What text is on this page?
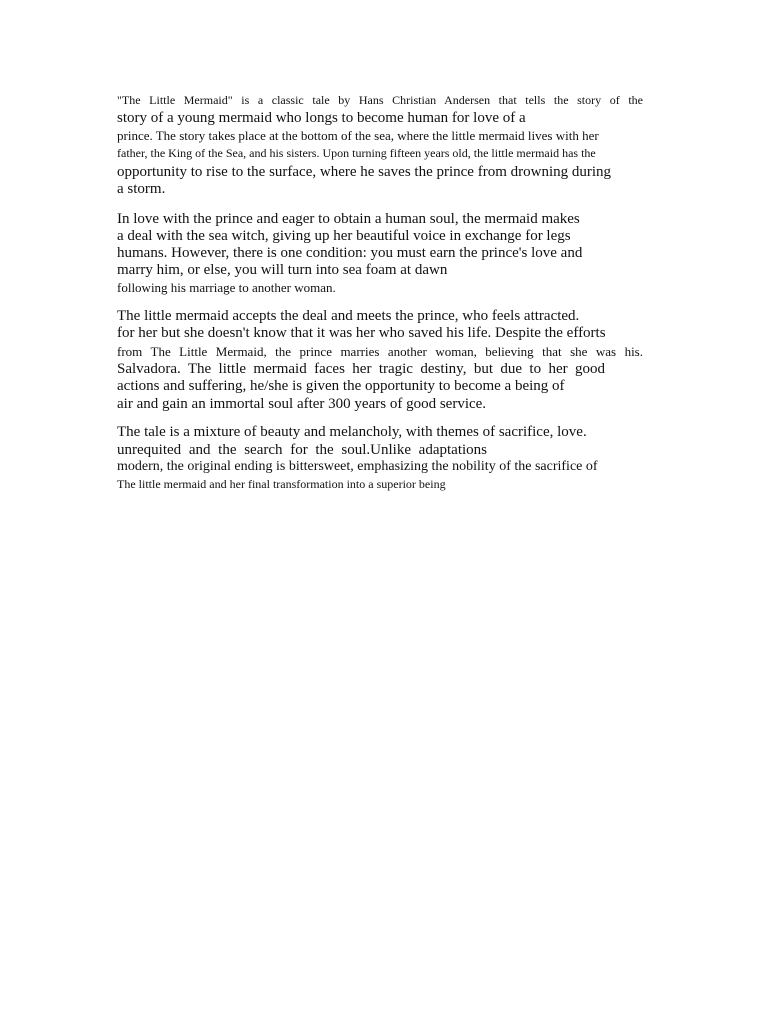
"The Little Mermaid" is a classic tale by Hans Christian Andersen that tells the story of the
story of a young mermaid who longs to become human for love of a
prince. The story takes place at the bottom of the sea, where the little mermaid lives with her
father, the King of the Sea, and his sisters. Upon turning fifteen years old, the little mermaid has the
opportunity to rise to the surface, where he saves the prince from drowning during
a storm.
In love with the prince and eager to obtain a human soul, the mermaid makes
a deal with the sea witch, giving up her beautiful voice in exchange for legs
humans. However, there is one condition: you must earn the prince's love and
marry him, or else, you will turn into sea foam at dawn
following his marriage to another woman.
The little mermaid accepts the deal and meets the prince, who feels attracted.
for her but she doesn't know that it was her who saved his life. Despite the efforts
from The Little Mermaid, the prince marries another woman, believing that she was his.
Salvadora. The little mermaid faces her tragic destiny, but due to her good
actions and suffering, he/she is given the opportunity to become a being of
air and gain an immortal soul after 300 years of good service.
The tale is a mixture of beauty and melancholy, with themes of sacrifice, love.
unrequited and the search for the soul.Unlike adaptations
modern, the original ending is bittersweet, emphasizing the nobility of the sacrifice of
The little mermaid and her final transformation into a superior being
